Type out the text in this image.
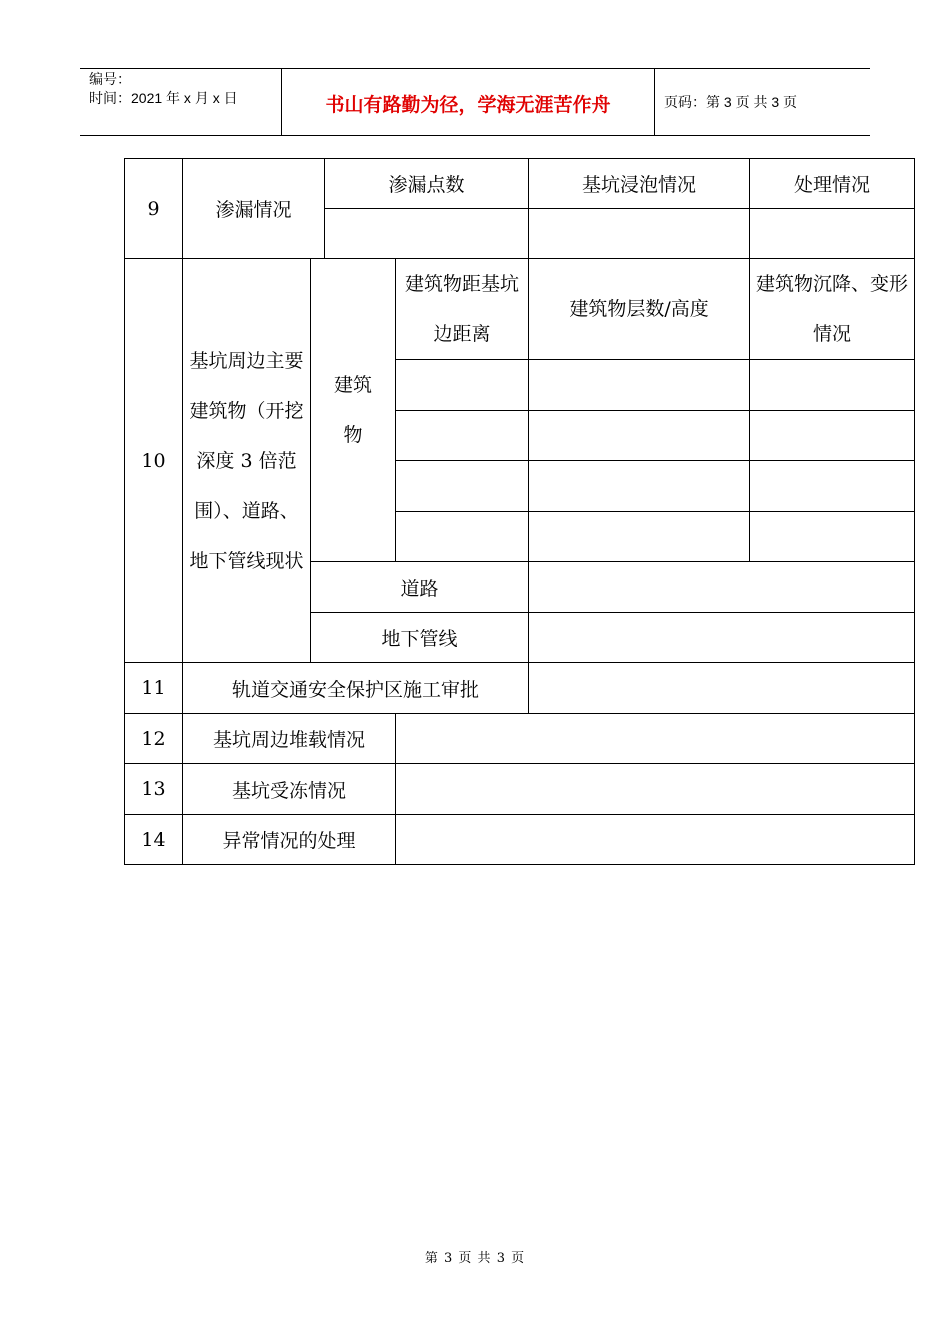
编号：
时间：2021 年 x 月 x 日	书山有路勤为径，学海无涯苦作舟	页码：第 3 页 共 3 页
9	渗漏情况		渗漏点数		基坑浸泡情况	处理情况

10	基坑周边主要建筑物（开挖深度 3 倍范围）、道路、地下管线现状	建筑物		建筑物距基坑边距离	建筑物层数/高度	建筑物沉降、变形情况

		道路				
		地下管线				
11	轨道交通安全保护区施工审批					
12	基坑周边堆载情况					
13	基坑受冻情况					
14	异常情况的处理					
第 3 页 共 3 页
